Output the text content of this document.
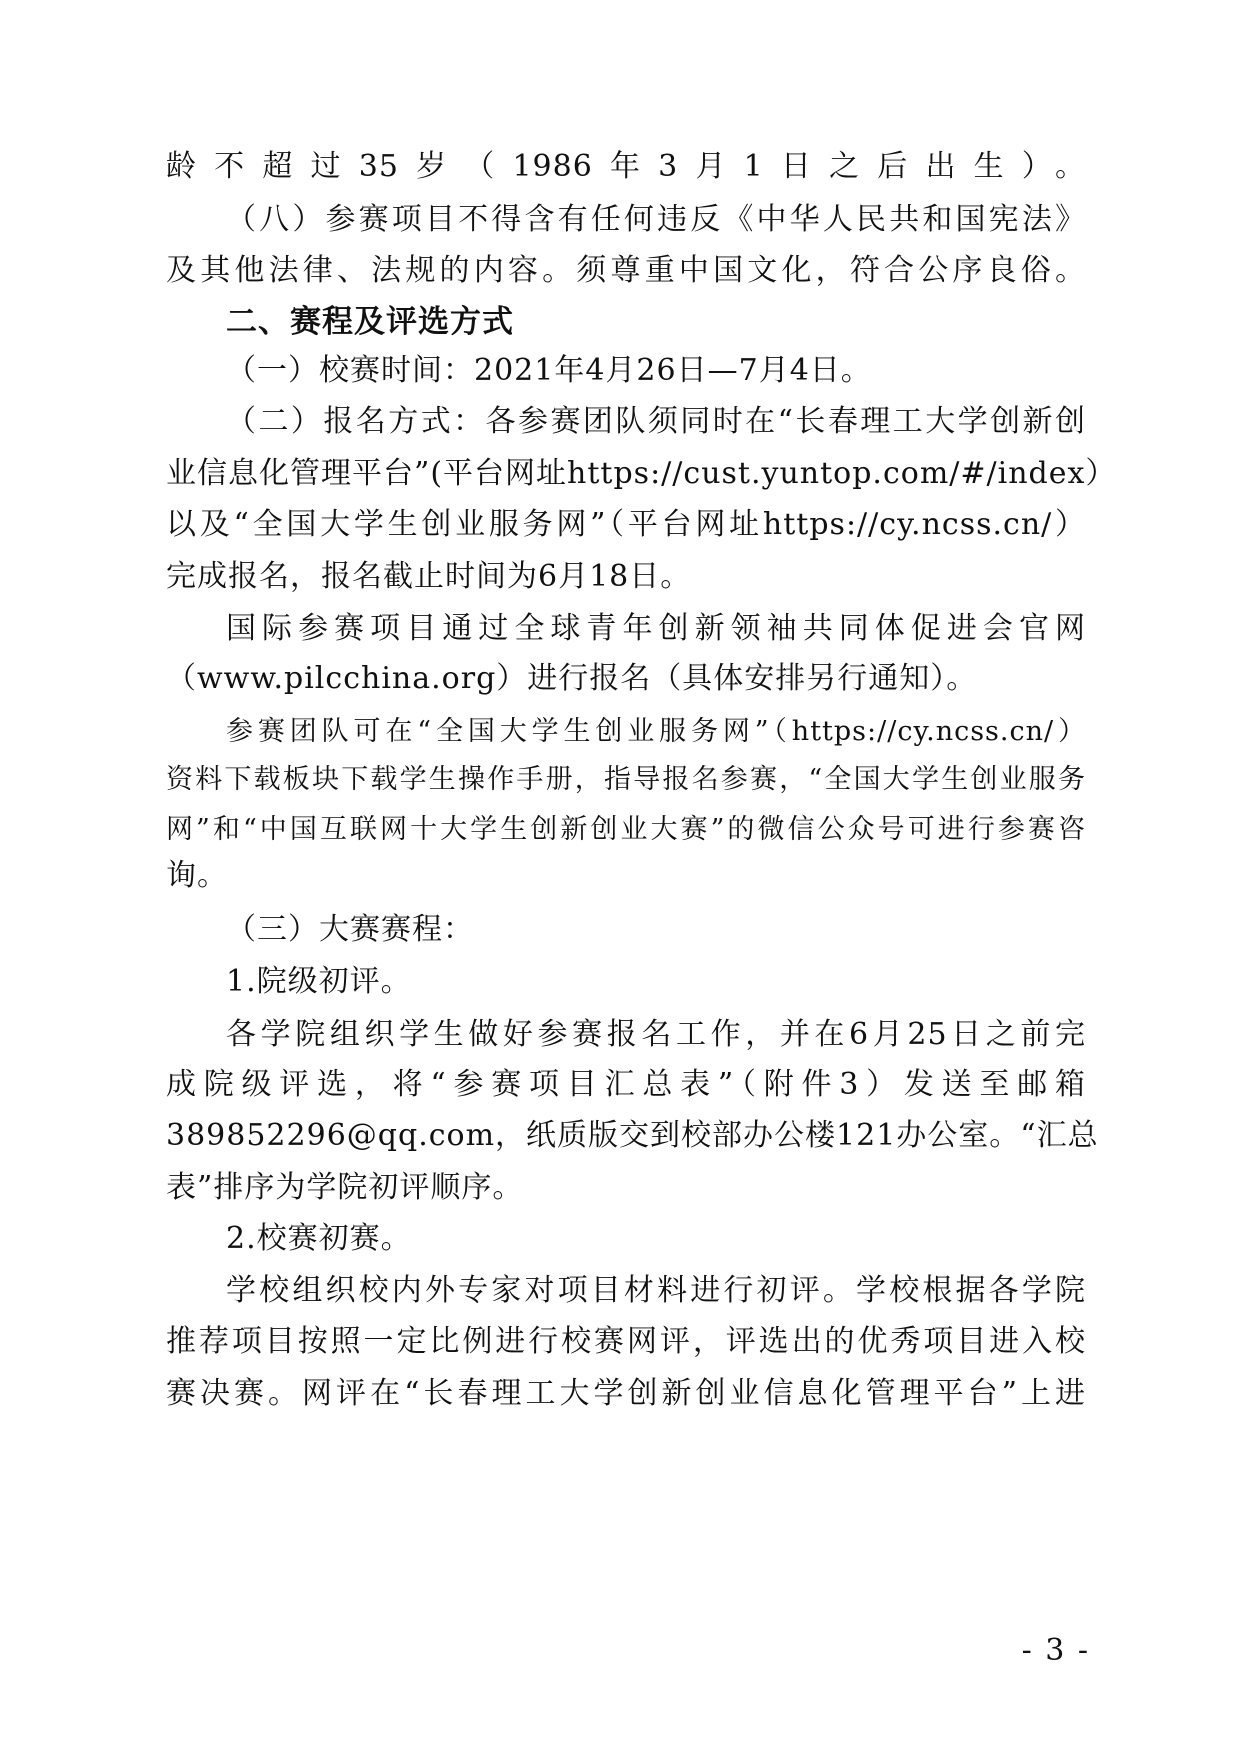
龄不超过35岁（1986年3月1日之后出生）。
（八）参赛项目不得含有任何违反《中华人民共和国宪法》
及其他法律、法规的内容。须尊重中国文化，符合公序良俗。
二、赛程及评选方式
（一）校赛时间：2021年4月26日—7月4日。
（二）报名方式：各参赛团队须同时在“长春理工大学创新创
业信息化管理平台”(平台网址https://cust.yuntop.com/#/index）
以及“全国大学生创业服务网”（平台网址https://cy.ncss.cn/）
完成报名，报名截止时间为6月18日。
国际参赛项目通过全球青年创新领袖共同体促进会官网
（www.pilcchina.org）进行报名（具体安排另行通知）。
参赛团队可在“全国大学生创业服务网”（https://cy.ncss.cn/）
资料下载板块下载学生操作手册，指导报名参赛，“全国大学生创业服务
网”和“中国互联网十大学生创新创业大赛”的微信公众号可进行参赛咨
询。
（三）大赛赛程：
1.院级初评。
各学院组织学生做好参赛报名工作，并在6月25日之前完
成院级评选，将“参赛项目汇总表”（附件3）发送至邮箱
389852296@qq.com，纸质版交到校部办公楼121办公室。“汇总
表”排序为学院初评顺序。
2.校赛初赛。
学校组织校内外专家对项目材料进行初评。学校根据各学院
推荐项目按照一定比例进行校赛网评，评选出的优秀项目进入校
赛决赛。网评在“长春理工大学创新创业信息化管理平台”上进
- 3 -
